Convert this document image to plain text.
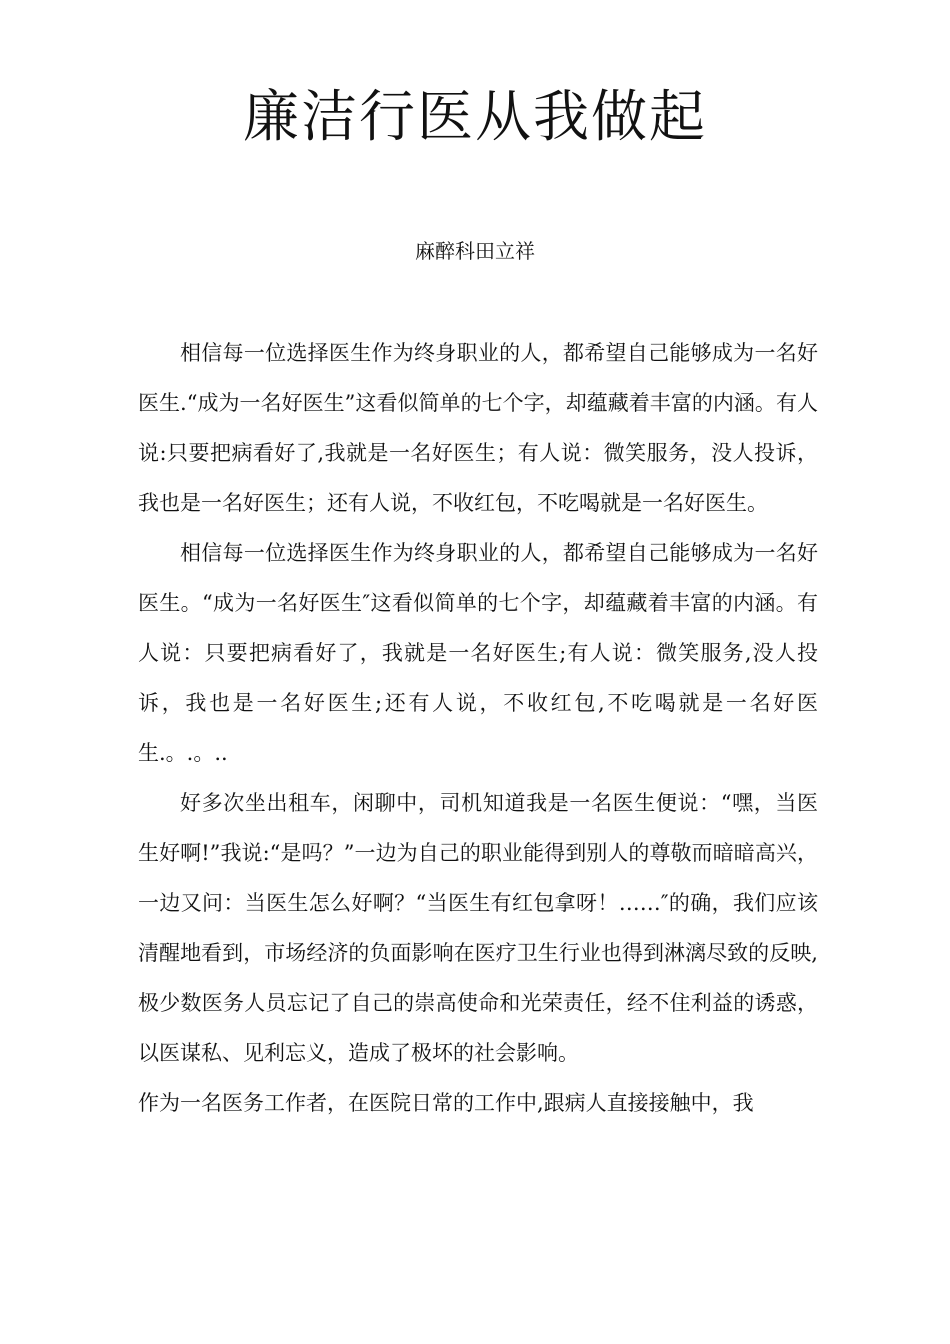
廉洁行医从我做起

麻醉科田立祥

相信每一位选择医生作为终身职业的人，都希望自己能够成为一名好医生.“成为一名好医生”这看似简单的七个字，却蕴藏着丰富的内涵。有人说:只要把病看好了,我就是一名好医生；有人说：微笑服务，没人投诉，我也是一名好医生；还有人说，不收红包，不吃喝就是一名好医生。

相信每一位选择医生作为终身职业的人，都希望自己能够成为一名好医生。“成为一名好医生″这看似简单的七个字，却蕴藏着丰富的内涵。有人说：只要把病看好了，我就是一名好医生;有人说：微笑服务,没人投诉，我也是一名好医生;还有人说，不收红包,不吃喝就是一名好医生.。.。..

好多次坐出租车，闲聊中，司机知道我是一名医生便说：“嘿，当医生好啊!”我说:“是吗？”一边为自己的职业能得到别人的尊敬而暗暗高兴，一边又问：当医生怎么好啊？“当医生有红包拿呀！……″的确，我们应该清醒地看到，市场经济的负面影响在医疗卫生行业也得到淋漓尽致的反映,极少数医务人员忘记了自己的崇高使命和光荣责任，经不住利益的诱惑，以医谋私、见利忘义，造成了极坏的社会影响。

作为一名医务工作者，在医院日常的工作中,跟病人直接接触中，我
